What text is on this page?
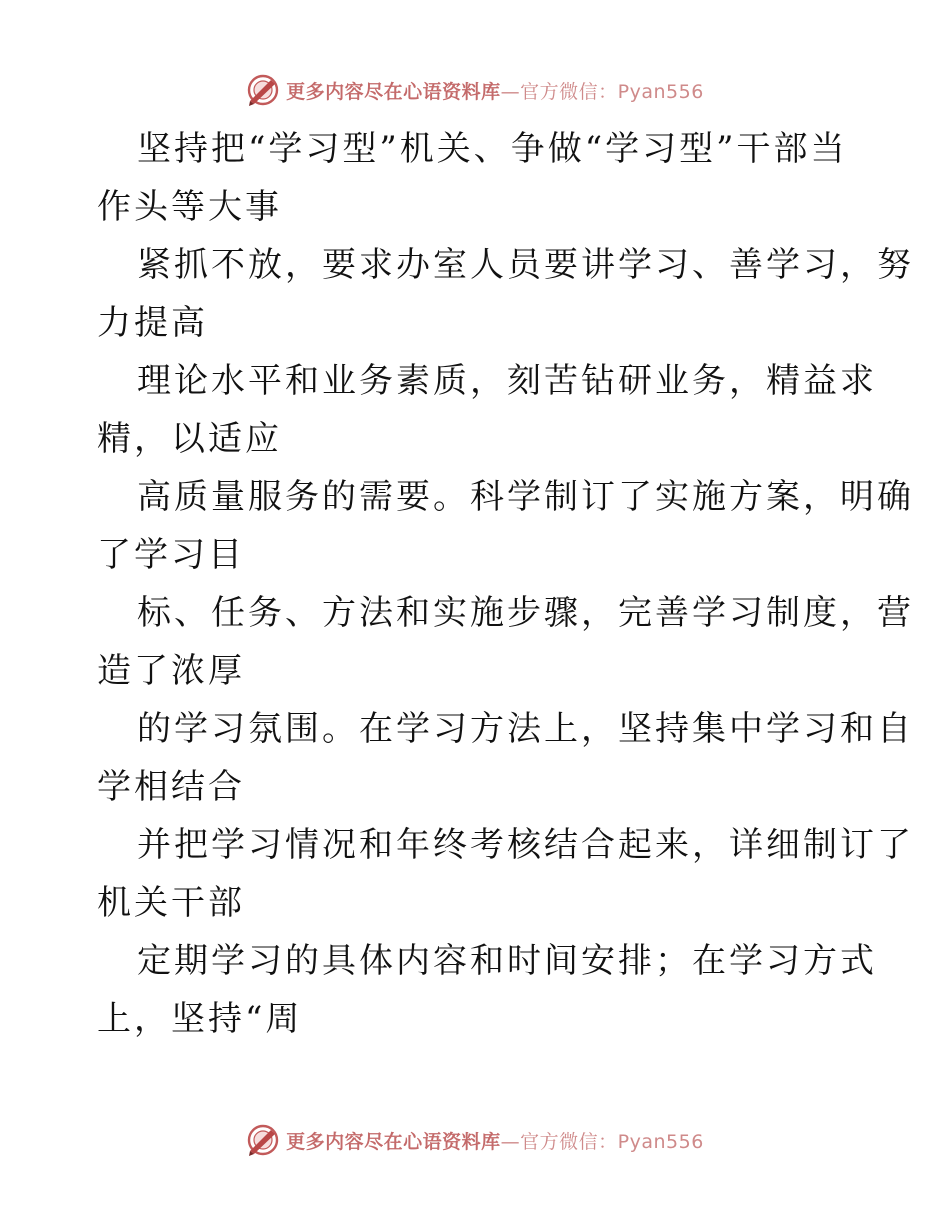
更多内容尽在心语资料库—官方微信：Pyan556
坚持把“学习型”机关、争做“学习型”干部当
作头等大事
紧抓不放，要求办室人员要讲学习、善学习，努
力提高
理论水平和业务素质，刻苦钻研业务，精益求
精，以适应
高质量服务的需要。科学制订了实施方案，明确
了学习目
标、任务、方法和实施步骤，完善学习制度，营
造了浓厚
的学习氛围。在学习方法上，坚持集中学习和自
学相结合
并把学习情况和年终考核结合起来，详细制订了
机关干部
定期学习的具体内容和时间安排；在学习方式
上，坚持“周
更多内容尽在心语资料库—官方微信：Pyan556
